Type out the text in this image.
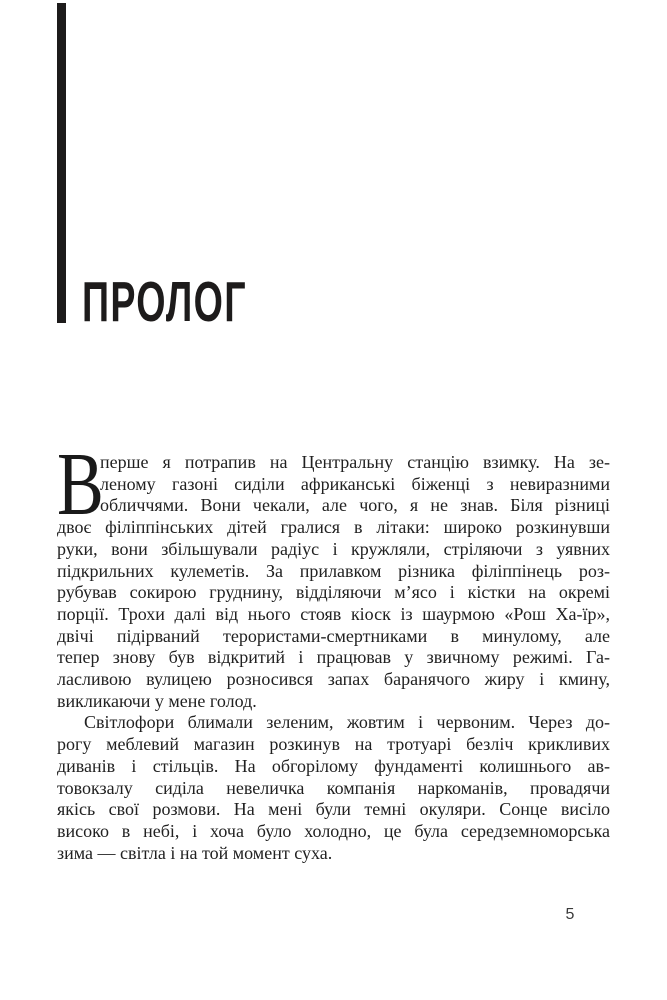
ПРОЛОГ
В
перше я потрапив на Центральну станцію взимку. На зе-
леному газоні сиділи африканські біженці з невиразними
обличчями. Вони чекали, але чого, я не знав. Біля різниці
двоє філіппінських дітей гралися в літаки: широко розкинувши
руки, вони збільшували радіус і кружляли, стріляючи з уявних
підкрильних кулеметів. За прилавком різника філіппінець роз-
рубував сокирою груднину, відділяючи м’ясо і кістки на окремі
порції. Трохи далі від нього стояв кіоск із шаурмою «Рош Ха-їр»,
двічі підірваний терористами-смертниками в минулому, але
тепер знову був відкритий і працював у звичному режимі. Га-
ласливою вулицею розносився запах баранячого жиру і кмину,
викликаючи у мене голод.
Світлофори блимали зеленим, жовтим і червоним. Через до-
рогу меблевий магазин розкинув на тротуарі безліч крикливих
диванів і стільців. На обгорілому фундаменті колишнього ав-
товокзалу сиділа невеличка компанія наркоманів, провадячи
якісь свої розмови. На мені були темні окуляри. Сонце висіло
високо в небі, і хоча було холодно, це була середземноморська
зима — світла і на той момент суха.
5
